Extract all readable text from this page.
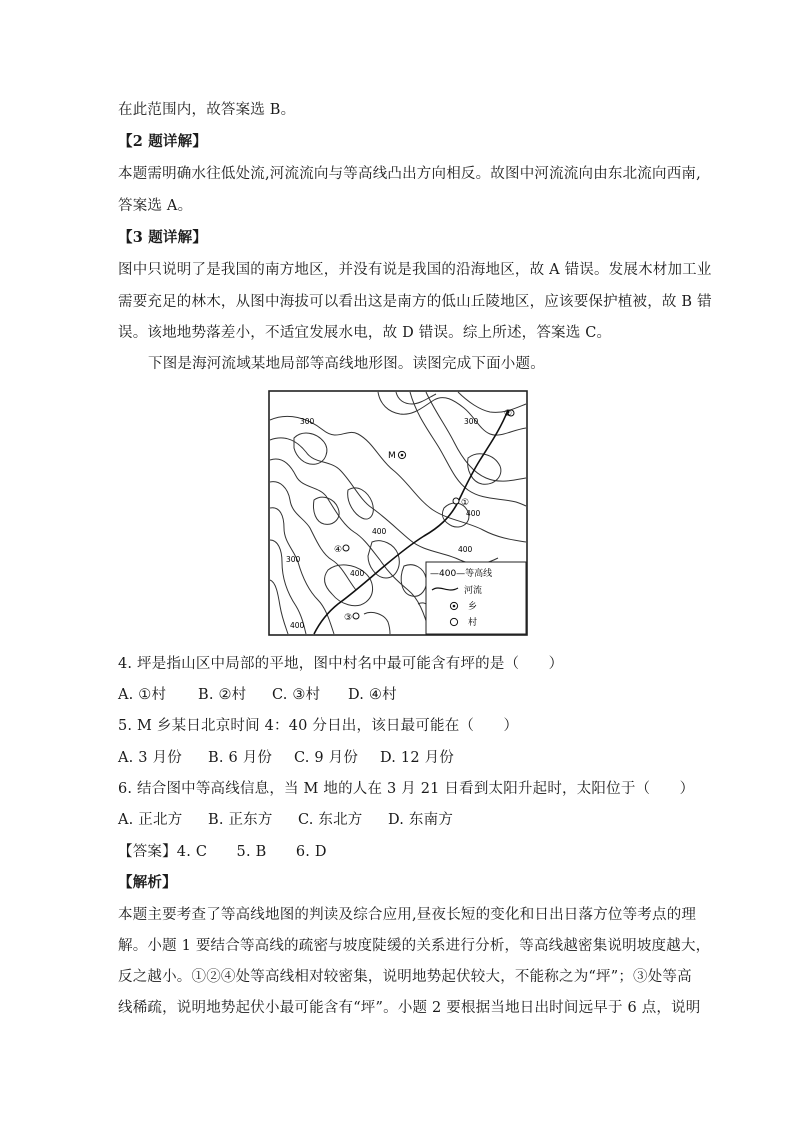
在此范围内，故答案选 B。
【2 题详解】
本题需明确水往低处流,河流流向与等高线凸出方向相反。故图中河流流向由东北流向西南,
答案选 A。
【3 题详解】
图中只说明了是我国的南方地区，并没有说是我国的沿海地区，故 A 错误。发展木材加工业
需要充足的林木，从图中海拔可以看出这是南方的低山丘陵地区，应该要保护植被，故 B 错
误。该地地势落差小，不适宜发展水电，故 D 错误。综上所述，答案选 C。
下图是海河流域某地局部等高线地形图。读图完成下面小题。
—400—等高线
河流
乡
村
300	300
300
400
400
400
400
400
M
①
②
③
④
4. 坪是指山区中局部的平地，图中村名中最可能含有坪的是（　　）
A. ①村 B. ②村 C. ③村 D. ④村
5. M 乡某日北京时间 4：40 分日出，该日最可能在（　　）
A. 3 月份 B. 6 月份 C. 9 月份 D. 12 月份
6. 结合图中等高线信息，当 M 地的人在 3 月 21 日看到太阳升起时，太阳位于（　　）
A. 正北方 B. 正东方 C. 东北方 D. 东南方
【答案】4. C　　5. B　　6. D
【解析】
本题主要考查了等高线地图的判读及综合应用,昼夜长短的变化和日出日落方位等考点的理
解。小题 1 要结合等高线的疏密与坡度陡缓的关系进行分析，等高线越密集说明坡度越大，
反之越小。①②④处等高线相对较密集，说明地势起伏较大，不能称之为“坪”；③处等高
线稀疏，说明地势起伏小最可能含有“坪”。小题 2 要根据当地日出时间远早于 6 点，说明
